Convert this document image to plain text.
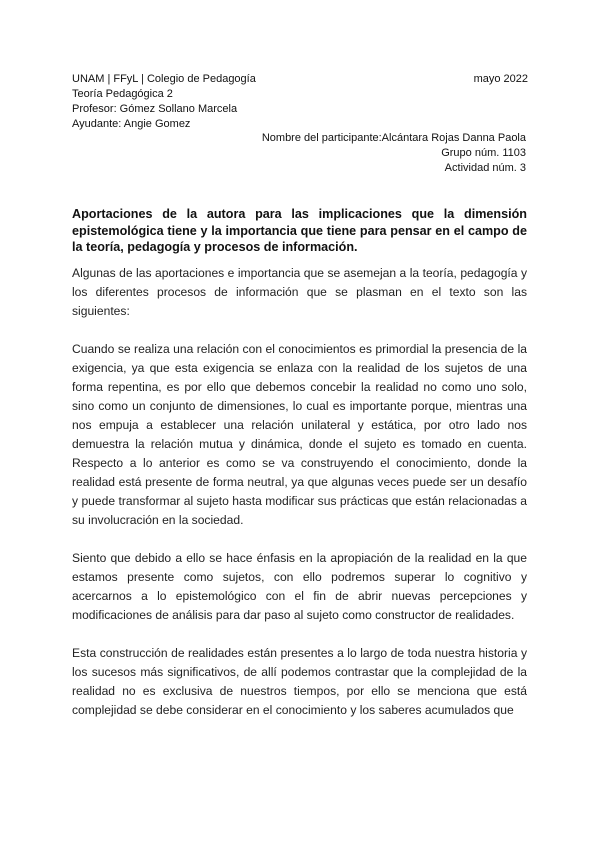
UNAM | FFyL | Colegio de Pedagogía
Teoría Pedagógica 2
Profesor: Gómez Sollano Marcela
Ayudante: Angie Gomez
mayo 2022
Nombre del participante:Alcántara Rojas Danna Paola
Grupo núm. 1103
Actividad núm. 3
Aportaciones de la autora para las implicaciones que la dimensión epistemológica tiene y la importancia que tiene para pensar en el campo de la teoría, pedagogía y procesos de información.

Algunas de las aportaciones e importancia que se asemejan a la teoría, pedagogía y los diferentes procesos de información que se plasman en el texto son las siguientes:

Cuando se realiza una relación con el conocimientos es primordial la presencia de la exigencia, ya que esta exigencia se enlaza con la realidad de los sujetos de una forma repentina, es por ello que debemos concebir la realidad no como uno solo, sino como un conjunto de dimensiones, lo cual es importante porque, mientras una nos empuja a establecer una relación unilateral y estática, por otro lado nos demuestra la relación mutua y dinámica, donde el sujeto es tomado en cuenta. Respecto a lo anterior es como se va construyendo el conocimiento, donde la realidad está presente de forma neutral, ya que algunas veces puede ser un desafío y puede transformar al sujeto hasta modificar sus prácticas que están relacionadas a su involucración en la sociedad.

Siento que debido a ello se hace énfasis en la apropiación de la realidad en la que estamos presente como sujetos, con ello podremos superar lo cognitivo y acercarnos a lo epistemológico con el fin de abrir nuevas percepciones y modificaciones de análisis para dar paso al sujeto como constructor de realidades.

Esta construcción de realidades están presentes a lo largo de toda nuestra historia y los sucesos más significativos, de allí podemos contrastar que la complejidad de la realidad no es exclusiva de nuestros tiempos, por ello se menciona que está complejidad se debe considerar en el conocimiento y los saberes acumulados que
